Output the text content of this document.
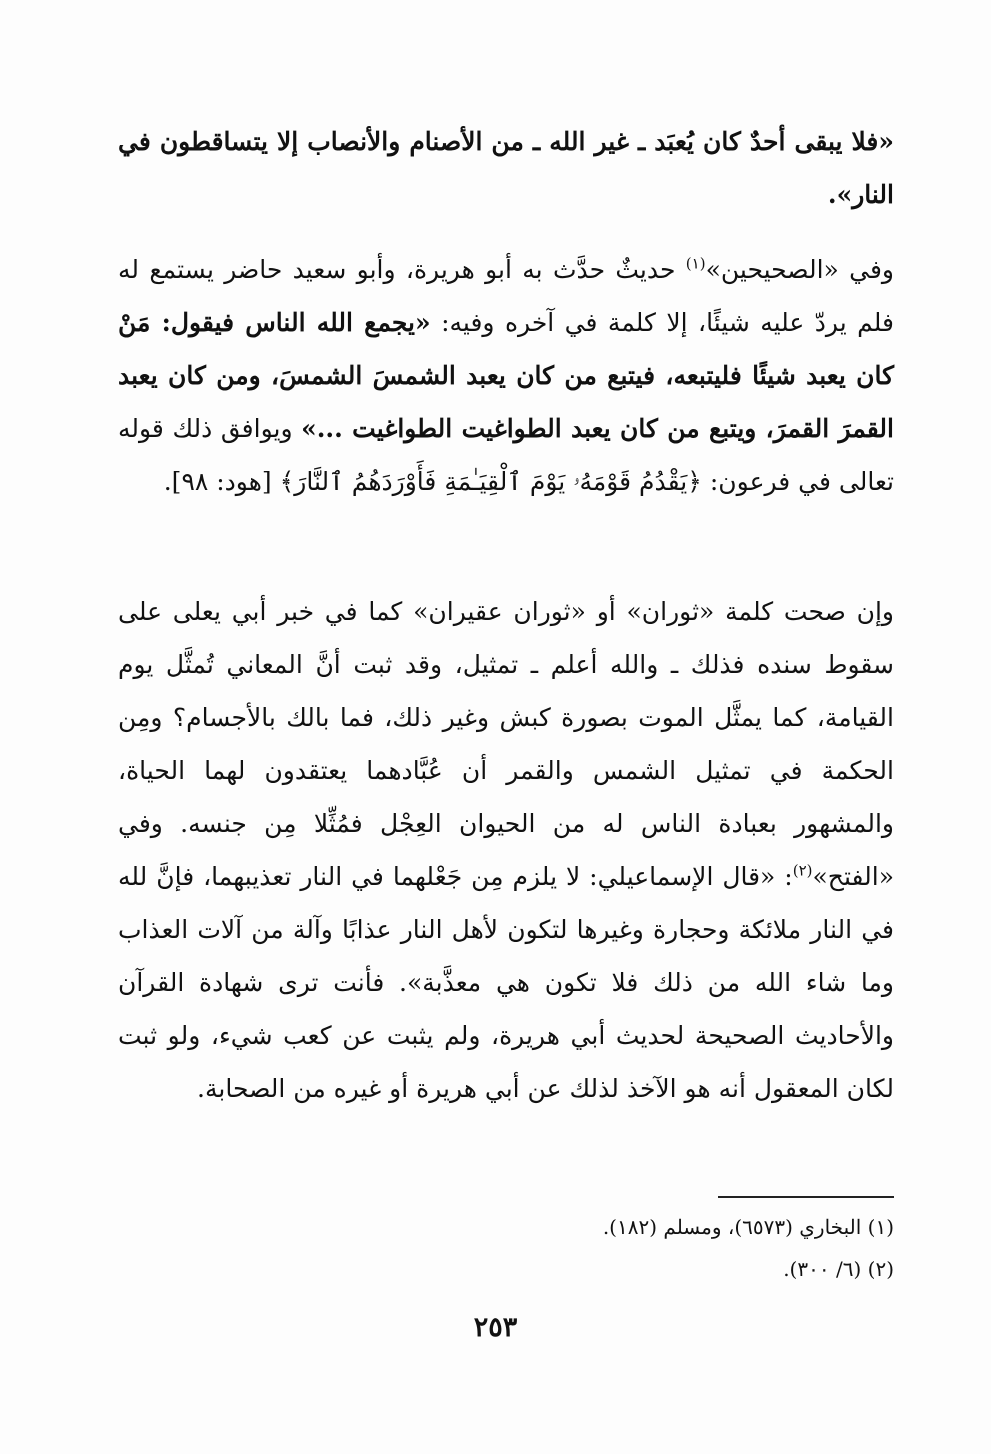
«فلا يبقى أحدٌ كان يُعبَد ـ غير الله ـ من الأصنام والأنصاب إلا يتساقطون في النار».

وفي «الصحيحين»$^{(١)}$ حديثٌ حدَّث به أبو هريرة، وأبو سعيد حاضر يستمع له فلم يردّ عليه شيئًا، إلا كلمة في آخره وفيه: «يجمع الله الناس فيقول: مَنْ كان يعبد شيئًا فليتبعه، فيتبع من كان يعبد الشمسَ الشمسَ، ومن كان يعبد القمرَ القمرَ، ويتبع من كان يعبد الطواغيت الطواغيت ...» ويوافق ذلك قوله تعالى في فرعون: ﴿يَقْدُمُ قَوْمَهُۥ يَوْمَ ٱلْقِيَـٰمَةِ فَأَوْرَدَهُمُ ٱلنَّارَ﴾ [هود: ٩٨].

وإن صحت كلمة «ثوران» أو «ثوران عقيران» كما في خبر أبي يعلى على سقوط سنده فذلك ـ والله أعلم ـ تمثيل، وقد ثبت أنَّ المعاني تُمثَّل يوم القيامة، كما يمثَّل الموت بصورة كبش وغير ذلك، فما بالك بالأجسام؟ ومِن الحكمة في تمثيل الشمس والقمر أن عُبَّادهما يعتقدون لهما الحياة، والمشهور بعبادة الناس له من الحيوان العِجْل فمُثِّلا مِن جنسه. وفي «الفتح»$^{(٢)}$: «قال الإسماعيلي: لا يلزم مِن جَعْلهما في النار تعذيبهما، فإنَّ لله في النار ملائكة وحجارة وغيرها لتكون لأهل النار عذابًا وآلة من آلات العذاب وما شاء الله من ذلك فلا تكون هي معذَّبة». فأنت ترى شهادة القرآن والأحاديث الصحيحة لحديث أبي هريرة، ولم يثبت عن كعب شيء، ولو ثبت لكان المعقول أنه هو الآخذ لذلك عن أبي هريرة أو غيره من الصحابة.

(١) البخاري (٦٥٧٣)، ومسلم (١٨٢).

(٢) (٦/ ٣٠٠).

٢٥٣
